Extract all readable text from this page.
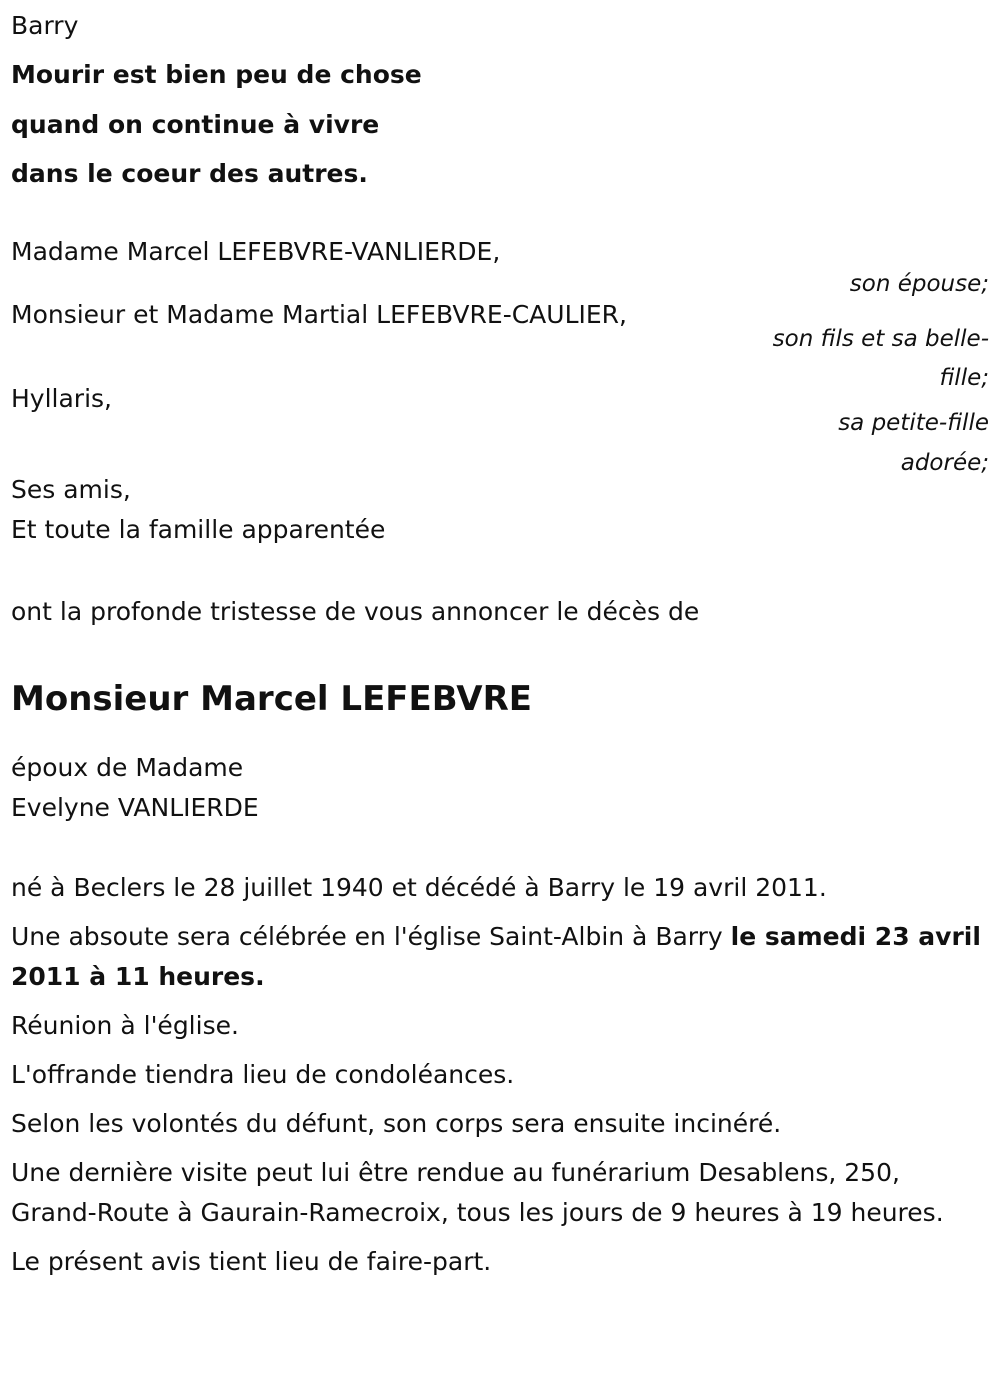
Barry
Mourir est bien peu de chose
quand on continue à vivre
dans le coeur des autres.
Madame Marcel LEFEBVRE-VANLIERDE,
son épouse;
Monsieur et Madame Martial LEFEBVRE-CAULIER,
son fils et sa belle-
fille;
Hyllaris,
sa petite-fille
adorée;
Ses amis,
Et toute la famille apparentée
ont la profonde tristesse de vous annoncer le décès de
Monsieur Marcel LEFEBVRE
époux de Madame
Evelyne VANLIERDE

né à Beclers le 28 juillet 1940 et décédé à Barry le 19 avril 2011.

Une absoute sera célébrée en l'église Saint-Albin à Barry le samedi 23 avril 2011 à 11 heures.

Réunion à l'église.

L'offrande tiendra lieu de condoléances.

Selon les volontés du défunt, son corps sera ensuite incinéré.

Une dernière visite peut lui être rendue au funérarium Desablens, 250, Grand-Route à Gaurain-Ramecroix, tous les jours de 9 heures à 19 heures.

Le présent avis tient lieu de faire-part.
